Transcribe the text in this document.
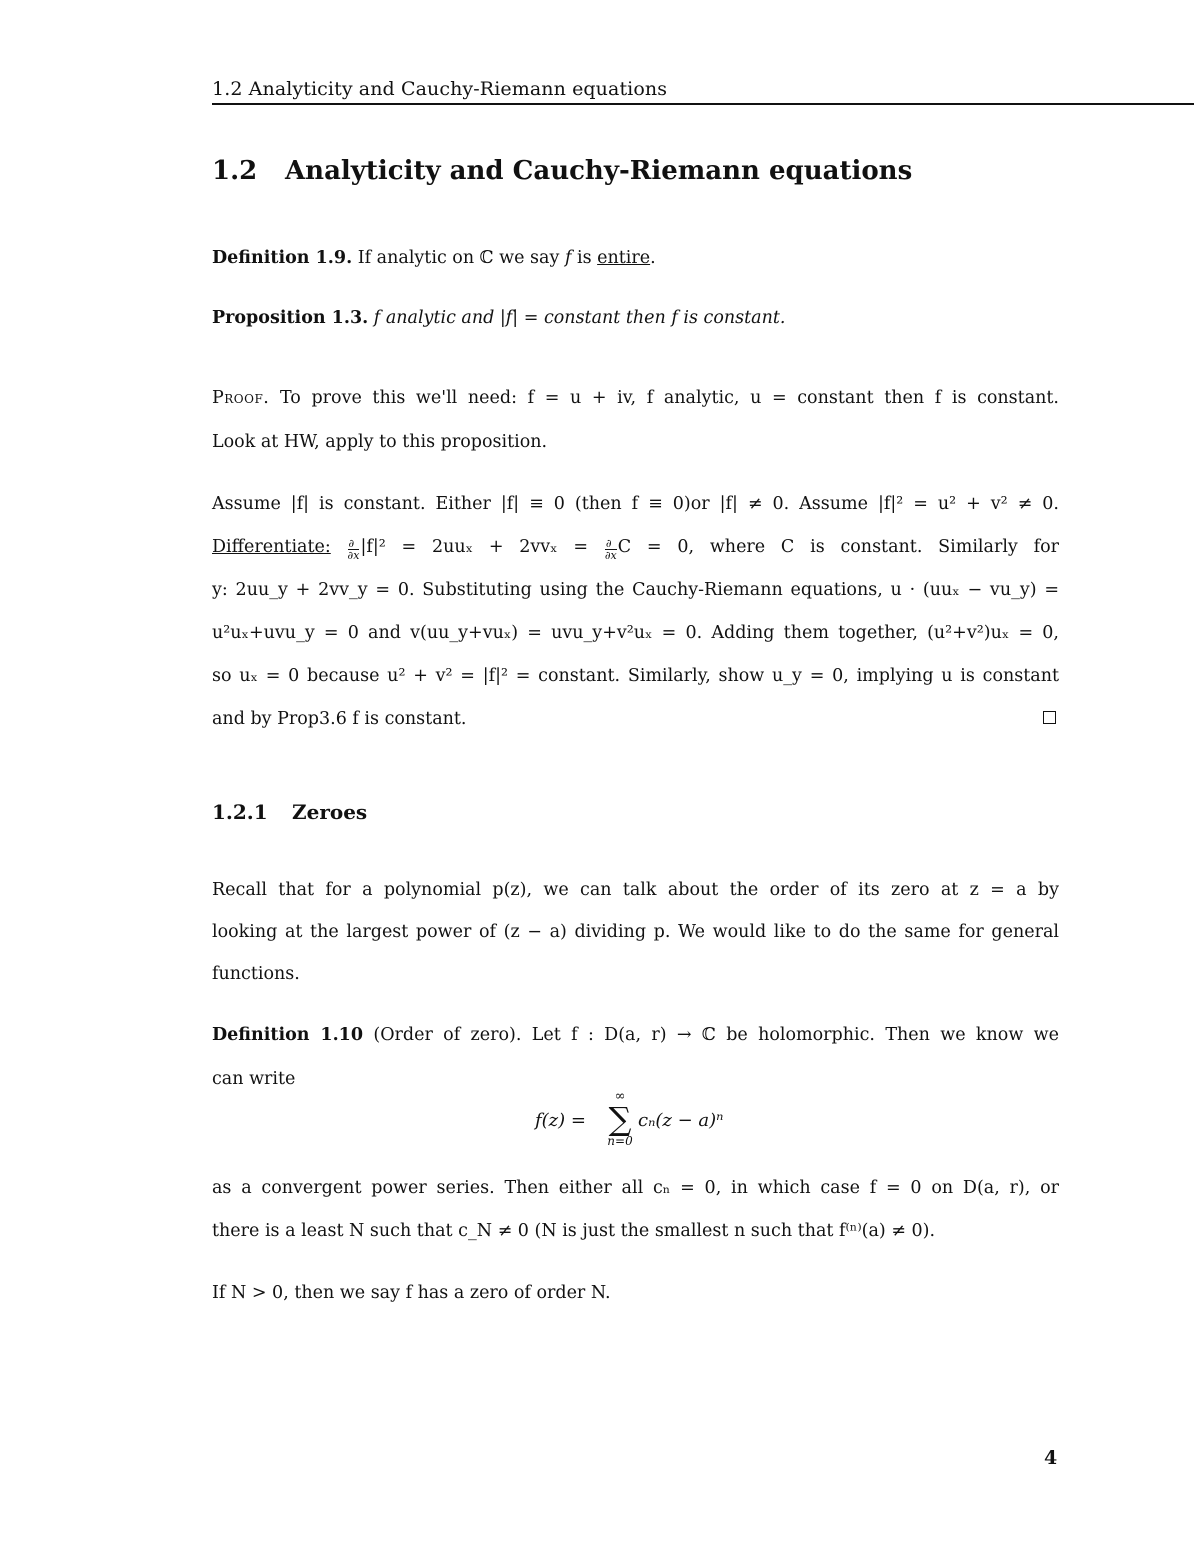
1.2 Analyticity and Cauchy-Riemann equations
1.2 Analyticity and Cauchy-Riemann equations
Definition 1.9. If analytic on ℂ we say f is entire.
Proposition 1.3. f analytic and |f| = constant then f is constant.
Proof. To prove this we'll need: f = u + iv, f analytic, u = constant then f is constant.
Look at HW, apply to this proposition.
Assume |f| is constant. Either |f| ≡ 0 (then f ≡ 0)or |f| ≠ 0. Assume |f|² = u² + v² ≠ 0.
Differentiate: $\frac{\partial}{\partial x} |f|^2 = 2uu_x + 2vv_x = \frac{\partial}{\partial x}$ C = 0, where C is constant. Similarly for
y: 2uu_y + 2vv_y = 0. Substituting using the Cauchy-Riemann equations, u · (uuₓ − vu_y) =
u²uₓ+uvu_y = 0 and v(uu_y+vuₓ) = uvu_y+v²uₓ = 0. Adding them together, (u²+v²)uₓ = 0,
so uₓ = 0 because u² + v² = |f|² = constant. Similarly, show u_y = 0, implying u is constant
and by Prop3.6 f is constant.
1.2.1 Zeroes
Recall that for a polynomial p(z), we can talk about the order of its zero at z = a by
looking at the largest power of (z − a) dividing p. We would like to do the same for general
functions.
Definition 1.10 (Order of zero). Let f : D(a, r) → ℂ be holomorphic. Then we know we
can write
f(z) =
∞
∑
n=0
cₙ(z − a)ⁿ
as a convergent power series. Then either all cₙ = 0, in which case f = 0 on D(a, r), or
there is a least N such that c_N ≠ 0 (N is just the smallest n such that f⁽ⁿ⁾(a) ≠ 0).
If N > 0, then we say f has a zero of order N.
4
